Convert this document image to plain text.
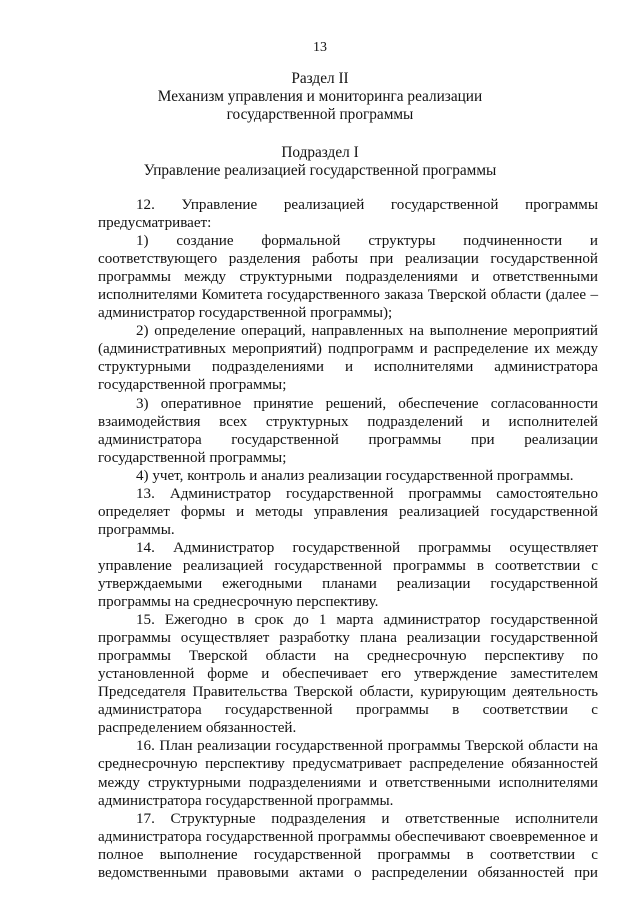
13
Раздел II
Механизм управления и мониторинга реализации
государственной программы
Подраздел I
Управление реализацией государственной программы

12. Управление реализацией государственной программы предусматривает:

1) создание формальной структуры подчиненности и соответствующего разделения работы при реализации государственной программы между структурными подразделениями и ответственными исполнителями Комитета государственного заказа Тверской области (далее – администратор государственной программы);

2) определение операций, направленных на выполнение мероприятий (административных мероприятий) подпрограмм и распределение их между структурными подразделениями и исполнителями администратора государственной программы;

3) оперативное принятие решений, обеспечение согласованности взаимодействия всех структурных подразделений и исполнителей администратора государственной программы при реализации государственной программы;

4) учет, контроль и анализ реализации государственной программы.

13. Администратор государственной программы самостоятельно определяет формы и методы управления реализацией государственной программы.

14. Администратор государственной программы осуществляет управление реализацией государственной программы в соответствии с утверждаемыми ежегодными планами реализации государственной программы на среднесрочную перспективу.

15. Ежегодно в срок до 1 марта администратор государственной программы осуществляет разработку плана реализации государственной программы Тверской области на среднесрочную перспективу по установленной форме и обеспечивает его утверждение заместителем Председателя Правительства Тверской области, курирующим деятельность администратора государственной программы в соответствии с распределением обязанностей.

16. План реализации государственной программы Тверской области на среднесрочную перспективу предусматривает распределение обязанностей между структурными подразделениями и ответственными исполнителями администратора государственной программы.

17. Структурные подразделения и ответственные исполнители администратора государственной программы обеспечивают своевременное и полное выполнение государственной программы в соответствии с ведомственными правовыми актами о распределении обязанностей при
